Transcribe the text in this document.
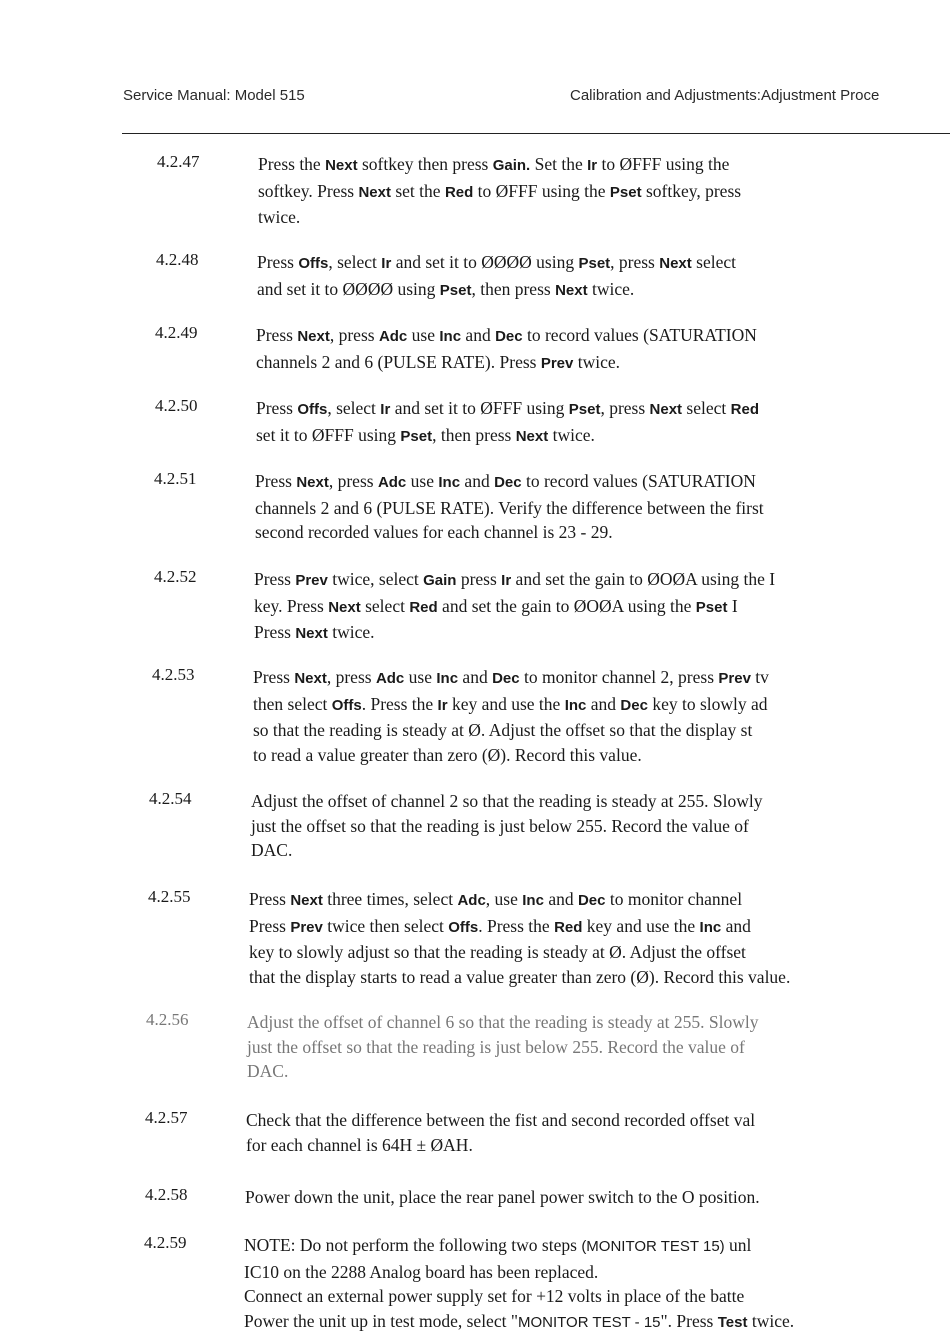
Service Manual: Model 515	Calibration and Adjustments:Adjustment Proce
4.2.47	Press the Next softkey then press Gain. Set the Ir to ØFFF using the
softkey. Press Next set the Red to ØFFF using the Pset softkey, press
twice.
4.2.48	Press Offs, select Ir and set it to ØØØØ using Pset, press Next select
and set it to ØØØØ using Pset, then press Next twice.
4.2.49	Press Next, press Adc use Inc and Dec to record values (SATURATION
channels 2 and 6 (PULSE RATE). Press Prev twice.
4.2.50	Press Offs, select Ir and set it to ØFFF using Pset, press Next select Red
set it to ØFFF using Pset, then press Next twice.
4.2.51	Press Next, press Adc use Inc and Dec to record values (SATURATION
channels 2 and 6 (PULSE RATE). Verify the difference between the first
second recorded values for each channel is 23 - 29.
4.2.52	Press Prev twice, select Gain press Ir and set the gain to ØOØA using the I
key. Press Next select Red and set the gain to ØOØA using the Pset I
Press Next twice.
4.2.53	Press Next, press Adc use Inc and Dec to monitor channel 2, press Prev tv
then select Offs. Press the Ir key and use the Inc and Dec key to slowly ad
so that the reading is steady at Ø. Adjust the offset so that the display st
to read a value greater than zero (Ø). Record this value.
4.2.54	Adjust the offset of channel 2 so that the reading is steady at 255. Slowly
just the offset so that the reading is just below 255. Record the value of
DAC.
4.2.55	Press Next three times, select Adc, use Inc and Dec to monitor channel
Press Prev twice then select Offs. Press the Red key and use the Inc and
key to slowly adjust so that the reading is steady at Ø. Adjust the offset
that the display starts to read a value greater than zero (Ø). Record this value.
4.2.56	Adjust the offset of channel 6 so that the reading is steady at 255. Slowly
just the offset so that the reading is just below 255. Record the value of
DAC.
4.2.57	Check that the difference between the fist and second recorded offset val
for each channel is 64H ± ØAH.
4.2.58	Power down the unit, place the rear panel power switch to the O position.
4.2.59	NOTE: Do not perform the following two steps (MONITOR TEST 15) unl
IC10 on the 2288 Analog board has been replaced.
Connect an external power supply set for +12 volts in place of the batte
Power the unit up in test mode, select "MONITOR TEST - 15". Press Test twice.
